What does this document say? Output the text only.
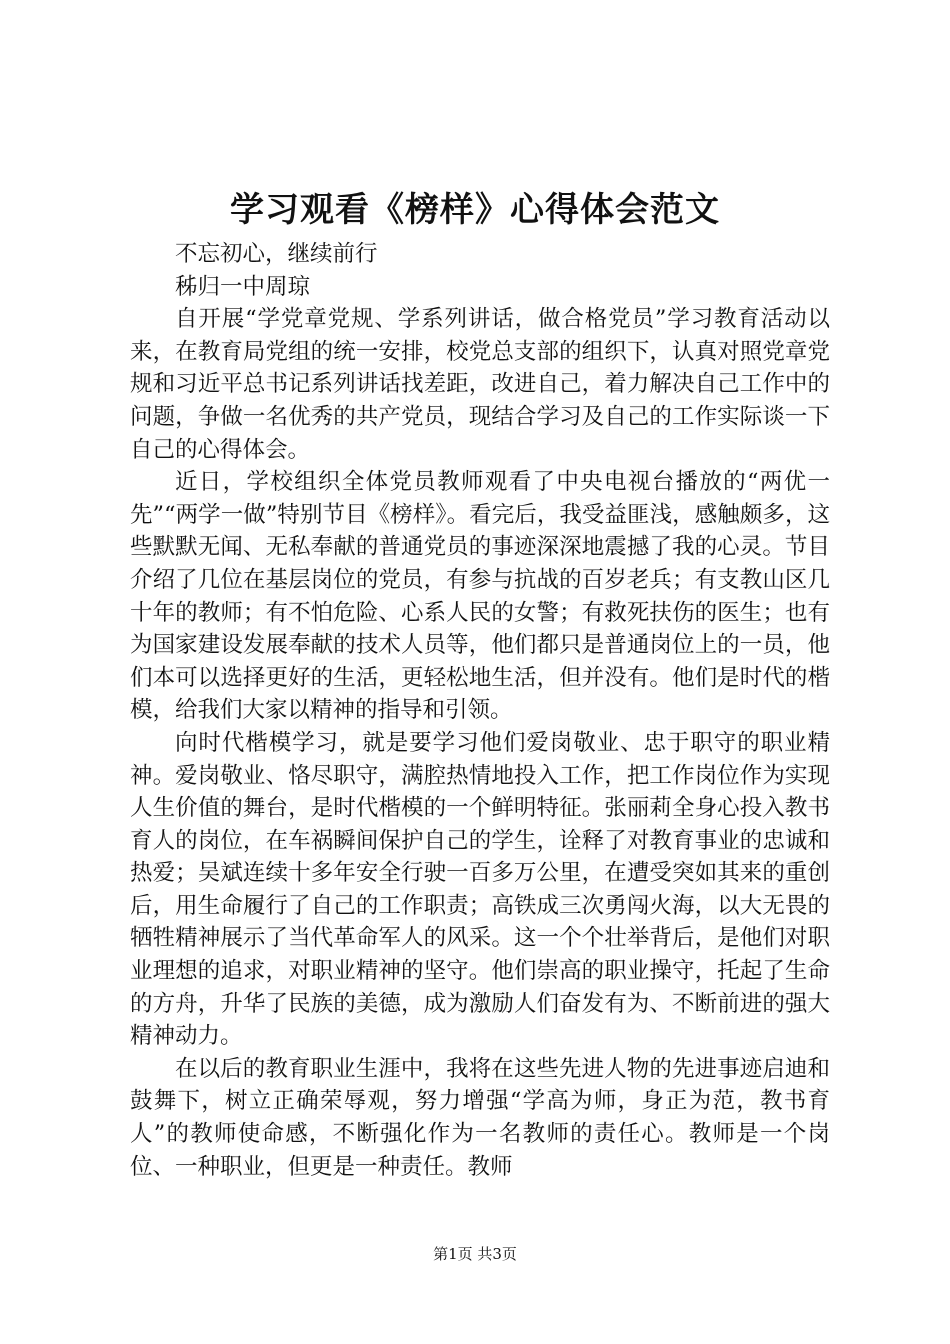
学习观看《榜样》心得体会范文

不忘初心，继续前行

秭归一中周琼

自开展“学党章党规、学系列讲话，做合格党员”学习教育活动以来，在教育局党组的统一安排，校党总支部的组织下，认真对照党章党规和习近平总书记系列讲话找差距，改进自己，着力解决自己工作中的问题，争做一名优秀的共产党员，现结合学习及自己的工作实际谈一下自己的心得体会。

近日，学校组织全体党员教师观看了中央电视台播放的“两优一先”“两学一做”特别节目《榜样》。看完后，我受益匪浅，感触颇多，这些默默无闻、无私奉献的普通党员的事迹深深地震撼了我的心灵。节目介绍了几位在基层岗位的党员，有参与抗战的百岁老兵；有支教山区几十年的教师；有不怕危险、心系人民的女警；有救死扶伤的医生；也有为国家建设发展奉献的技术人员等，他们都只是普通岗位上的一员，他们本可以选择更好的生活，更轻松地生活，但并没有。他们是时代的楷模，给我们大家以精神的指导和引领。

向时代楷模学习，就是要学习他们爱岗敬业、忠于职守的职业精神。爱岗敬业、恪尽职守，满腔热情地投入工作，把工作岗位作为实现人生价值的舞台，是时代楷模的一个鲜明特征。张丽莉全身心投入教书育人的岗位，在车祸瞬间保护自己的学生，诠释了对教育事业的忠诚和热爱；吴斌连续十多年安全行驶一百多万公里，在遭受突如其来的重创后，用生命履行了自己的工作职责；高铁成三次勇闯火海，以大无畏的牺牲精神展示了当代革命军人的风采。这一个个壮举背后，是他们对职业理想的追求，对职业精神的坚守。他们崇高的职业操守，托起了生命的方舟，升华了民族的美德，成为激励人们奋发有为、不断前进的强大精神动力。

在以后的教育职业生涯中，我将在这些先进人物的先进事迹启迪和鼓舞下，树立正确荣辱观，努力增强“学高为师，身正为范，教书育人”的教师使命感，不断强化作为一名教师的责任心。教师是一个岗位、一种职业，但更是一种责任。教师

第1页 共3页
